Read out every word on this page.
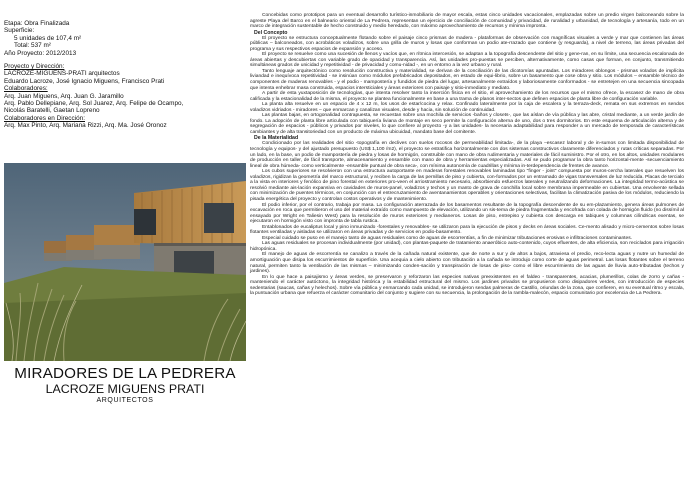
Etapa: Obra Finalizada
Superficie:
5 unidades de 107,4 m²
Total: 537 m²
Año Proyecto: 2012/2013
Proyecto y Dirección:
LACROZE-MIGUENS-PRATI arquitectos
Eduardo Lacroze, José Ignacio Miguens, Francisco Prati
Colaboradores:
Arq. Juan Miguens, Arq. Juan G. Jaramillo
Arq. Pablo Dellepiane, Arq. Sol Juarez, Arq. Felipe de Ocampo,
Nicolás Baratelli, Gaetan Lopreno
Colaboradores en Dirección:
Arq. Max Pinto, Arq. Mariana Rizzi, Arq. Ma. José Oronoz
MIRADORES DE LA PEDRERA
LACROZE MIGUENS PRATI
ARQUITECTOS

Concebidas como prototipos para un eventual desarrollo turístico-inmobiliario de mayor escala, estas cinco unidades vacacionales, emplazadas sobre un predio virgen balconeando sobre la agreste Playa del Barco en el balneario oriental de La Pedrera, representan un ejercicio de conciliación de comunidad y privacidad, de ruralidad y urbanidad, de tecnología y artesanía, todo en un marco de integración sustentable de hecho construido y medio heredado, con máximo aprovechamiento de recursos y mínima impronta.

Del Concepto

El proyecto se estructura conceptualmente flotando sobre el paisaje cinco prismas de madera - plataformas de observación con magníficas visuales a verde y mar que contienen las áreas públicas – balconeados, con acrobáticos voladizos, sobre una grilla de muros y losas que conforman un podio ate-rrazado que contiene (y resguarda), a nivel de terreno, las áreas privadas del programa y sus respectivos espacios de expansión y acceso.

El proyecto se resuelve como una sucesión de llenos y vacíos que, en rítmica intercesión, se adaptan a la topografía descendente del sitio y gene-ran, en su límite, una secuencia escalonada de áreas abiertas y descubiertas con variable grado de opacidad y transparencia. Así, las unidades pro-puestas se perciben, alternativamente, como casas que forman, en conjunto, transmitiendo simultáneas grados de unicidad y repetitividad - de privacidad y comu-nidad -, en un entorno a la vez urbano y rural.

Tanto lenguaje arquitectónico como resolución constructiva y materialidad, se derivan de la conciliación de las dicotomías apuntadas. Los miradores oblongos - prismas volados de implícita liviandad e inequívoca repetitividad - se insinúan como módulos prefabricados depositados, en estado de equi-librio, sobre un basamento que cose obra y sitio. Los módulos – ensamble técnico de componentes de maderas renovables - y el podio - mampostería y fundidos de piedra del lugar, artesanalmente extraídos y laboriosamente conformados - se entretejen en una secuencia sincopada que intenta enhebrar masa construida, espacios intersticiales y áreas exteriores con paisaje y sitio-inmediato y mediato.

A partir de esta yuxtaposición de tecnologías, que intenta resolver tanto la inserción física en el sitio, el aprovechamiento de los recursos que el mismo ofrece, la escasez de mano de obra calificada y la estacionalidad de la misma, el proyecto se plantea funcionalmente en base a una trama de planos inter-sectos que definen espacios de planta libre de configuración variable.

La planta alta resuelve en un espacio de 4 x 12 m, los usos de estar/cocina y relax. Confinado lateralmente por la caja de escalera y la terraza-deck, remata en sus extremos en sendos voladizos vidriados - miradores – que enmarcan y canalizan visuales, desde y hacia, sin solución de continuidad.

Las plantas bajas, en ortogonalidad contrapuesta, se recuestan sobre una mochila de servicios -baños y closets-, que las aíslan de vía pública y las abre, cristal mediante, a un verde jardín de fondo. La adopción de planta libre articulada con tabiquería liviana de montaje en seco permite la configuración alterna de uno, dos o tres dormitorios. En este esquema de articulación alterna y de segregación de espacios - públicos y privados por niveles, lo que confiere al proyecto -y a las unidades- la necesaria adaptabilidad para responder a un mercado de temporada de características cambiantes y de alta transitoriedad con un producto de máxima ubicuidad, mandato base del comitente.

De la Materialidad

Condicionado por las realidades del sitio -topografía en declives con suelos rocosos de permeabilidad limitada-, de la playa –escasez laboral y de in-sumos con limitada disponibilidad de tecnología y equipos- y del ajustado presupuesto (US$ 1,100 /m2), el proyecto se estratifica horizontalmente con dos sistemas constructivos claramente diferenciados y rutas críticas separadas. Por un lado, en la base, un podio de mampostería de piedra y losas de hormigón, construible con mano de obra rudimentaria y materiales de fácil suministro. Por el otro, en los altos, unidades modulares de producción en taller, de fácil transporte, almacenamiento y ensamble con mano de obra y herramientas especializadas. Así se pudo programar la obra tanto horizontal-mente -secuenciamiento lineal de obra húmeda- como verticalmente -ensamble puntual de obra seca-, con mínima autonomía de cuadrillas y mínima in-terdependencia de frentes de avance.

Los cubos superiores se resolvieron con una estructura autoportante en maderas forestales renovables laminadas tipo "finger - joint" compuesta por muros-cercha laterales que resuelven los voladizos, rigidizan la geometría del marco estructural, y reciben la carga de las pernillas de piso y cubierta, con-formados por un entramado de vigas transversales de luz reducida. Placas de tercialo a la vista en interiores y fenólico de pino forestal en exteriores pro-veen el arriostramiento necesario, absorbiendo esfuerzos laterales y neutralizando deformaciones. La integridad termo-acústica se resolvió mediante ais-lación expansiva en cavidades de muros-panel, voladizos y techos y un manto de grava de conchilla local sobre membrana impermeable en cubiertas. Una envolvente sellada con minimización de puentes térmicos, en conjunción con el entrecruzamiento de aventanamientos operables y orientaciones selectivas, facilitan la climatización pasiva de los módulos, reduciendo la pisada energética del proyecto y controlan costos operativos y de mantenimiento.

El podio inferior, por el contrario, trabaja por masa. La configuración aterrazada de los basamentos resultante de la topografía descendente de su em-plazamiento, genera áreas pulmones de excavación en roca que permitieron el uso del material extraído como mampuesto de elevación, utilizando un sis-tema de piedra fragmentada y encofrada con colada de hormigón fluido (no dissímil al ensayado por Wright en Taliesin West) para la resolución de muros exteriores y medianeros. Losas de piso, entrepiso y cubierta con descarga en tabiques y columnas cilíndricas exentas, se ejecutaron en hormigón visto con impronta de tabla rustica.

Entablonados de eucaliptus local y pino inmunizado -forestales y renovables- se utilizaron para la ejecución de pisos y decks en áreas sociales. Ce-mento alisado y micro-cementos sobre losas flotantes ventiladas y aisladas se utilizaron en áreas privadas y de servicios en podio-basamento.

Especial cuidado se puso en el manejo tanto de aguas residuales como de aguas de escorrentías, a fin de minimizar tributaciones erosivas e infiltraciones contaminantes.

Las aguas residuales se procesan individualmente (por unidad), con plantas-paquete de tratamiento anaeróbico auto-contenido, cuyos efluentes, de alta eficiencia, son reciclados para irrigación hidropónica.

El manejo de aguas de escorrentía se canalizo a través de la cañada natural existente, que de norte a sur y de altos a bajos, atraviesa el predio, reco-lecta aguas y nutre un humedal de amortiguación que disipa los escurrimientos de superficie. Una acequia a cielo abierto con tributación a la cañada se introdujo como corte de aguas perimetral. Las losas flotantes sobre el terreno natural, permiten tanto la ventilación de las mismas – minimizando conden-sación y transpiración de losas de piso- como el libre escurrimiento de las aguas de lluvia auto-tributadas (techos y jardines).

En lo que hace a paisajismo y áreas verdes, se preservaron y reforzaron las especies nativas preexistentes en el faldeo - transparentes, acacias, plumerillos, colas de zorro y cañas - manteniendo el carácter autóctono, la integridad histórica y la estabilidad estructural del mismo. Los jardines privados se propusieron como disipadores verdes, con introducción de especies sedentarias (saucas, cañas y helechos). Sobre vía pública y enmarcando cada unidad, se introdujeron sendas palmeras de Castillo, oriundas de la zona, que confieren, en su eventual ritmo y escala, la puntuación urbana que refuerza el carácter comunitario del conjunto y sugiere con su secuencia, la prolongación de la rambla-malecón, espacio comunitario por excelencia de La Pedrera.
